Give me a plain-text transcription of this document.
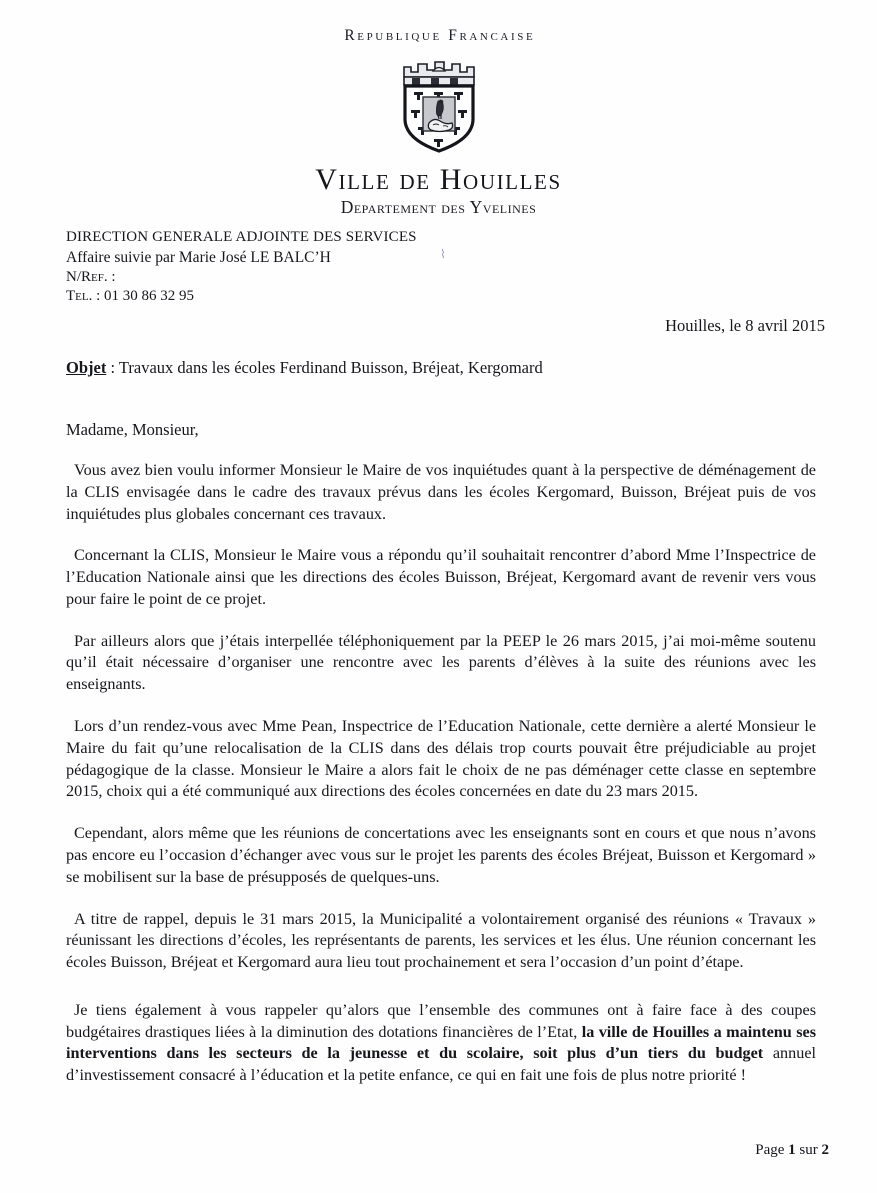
Republique Francaise
Ville de Houilles
Departement des Yvelines
DIRECTION GENERALE ADJOINTE DES SERVICES
Affaire suivie par Marie José LE BALC’H
N/Ref. :
Tel. : 01 30 86 32 95
⌇
Houilles, le 8 avril 2015
Objet : Travaux dans les écoles Ferdinand Buisson, Bréjeat, Kergomard
Madame, Monsieur,

Vous avez bien voulu informer Monsieur le Maire de vos inquiétudes quant à la perspective de déménagement de la CLIS envisagée dans le cadre des travaux prévus dans les écoles Kergomard, Buisson, Bréjeat puis de vos inquiétudes plus globales concernant ces travaux.

Concernant la CLIS, Monsieur le Maire vous a répondu qu’il souhaitait rencontrer d’abord Mme l’Inspectrice de l’Education Nationale ainsi que les directions des écoles Buisson, Bréjeat, Kergomard avant de revenir vers vous pour faire le point de ce projet.

Par ailleurs alors que j’étais interpellée téléphoniquement par la PEEP le 26 mars 2015, j’ai moi-même soutenu qu’il était nécessaire d’organiser une rencontre avec les parents d’élèves à la suite des réunions avec les enseignants.

Lors d’un rendez-vous avec Mme Pean, Inspectrice de l’Education Nationale, cette dernière a alerté Monsieur le Maire du fait qu’une relocalisation de la CLIS dans des délais trop courts pouvait être préjudiciable au projet pédagogique de la classe. Monsieur le Maire a alors fait le choix de ne pas déménager cette classe en septembre 2015, choix qui a été communiqué aux directions des écoles concernées en date du 23 mars 2015.

Cependant, alors même que les réunions de concertations avec les enseignants sont en cours et que nous n’avons pas encore eu l’occasion d’échanger avec vous sur le projet les parents des écoles Bréjeat, Buisson et Kergomard » se mobilisent sur la base de présupposés de quelques-uns.

A titre de rappel, depuis le 31 mars 2015, la Municipalité a volontairement organisé des réunions « Travaux » réunissant les directions d’écoles, les représentants de parents, les services et les élus. Une réunion concernant les écoles Buisson, Bréjeat et Kergomard aura lieu tout prochainement et sera l’occasion d’un point d’étape.

Je tiens également à vous rappeler qu’alors que l’ensemble des communes ont à faire face à des coupes budgétaires drastiques liées à la diminution des dotations financières de l’Etat, la ville de Houilles a maintenu ses interventions dans les secteurs de la jeunesse et du scolaire, soit plus d’un tiers du budget annuel d’investissement consacré à l’éducation et la petite enfance, ce qui en fait une fois de plus notre priorité !

Page 1 sur 2
